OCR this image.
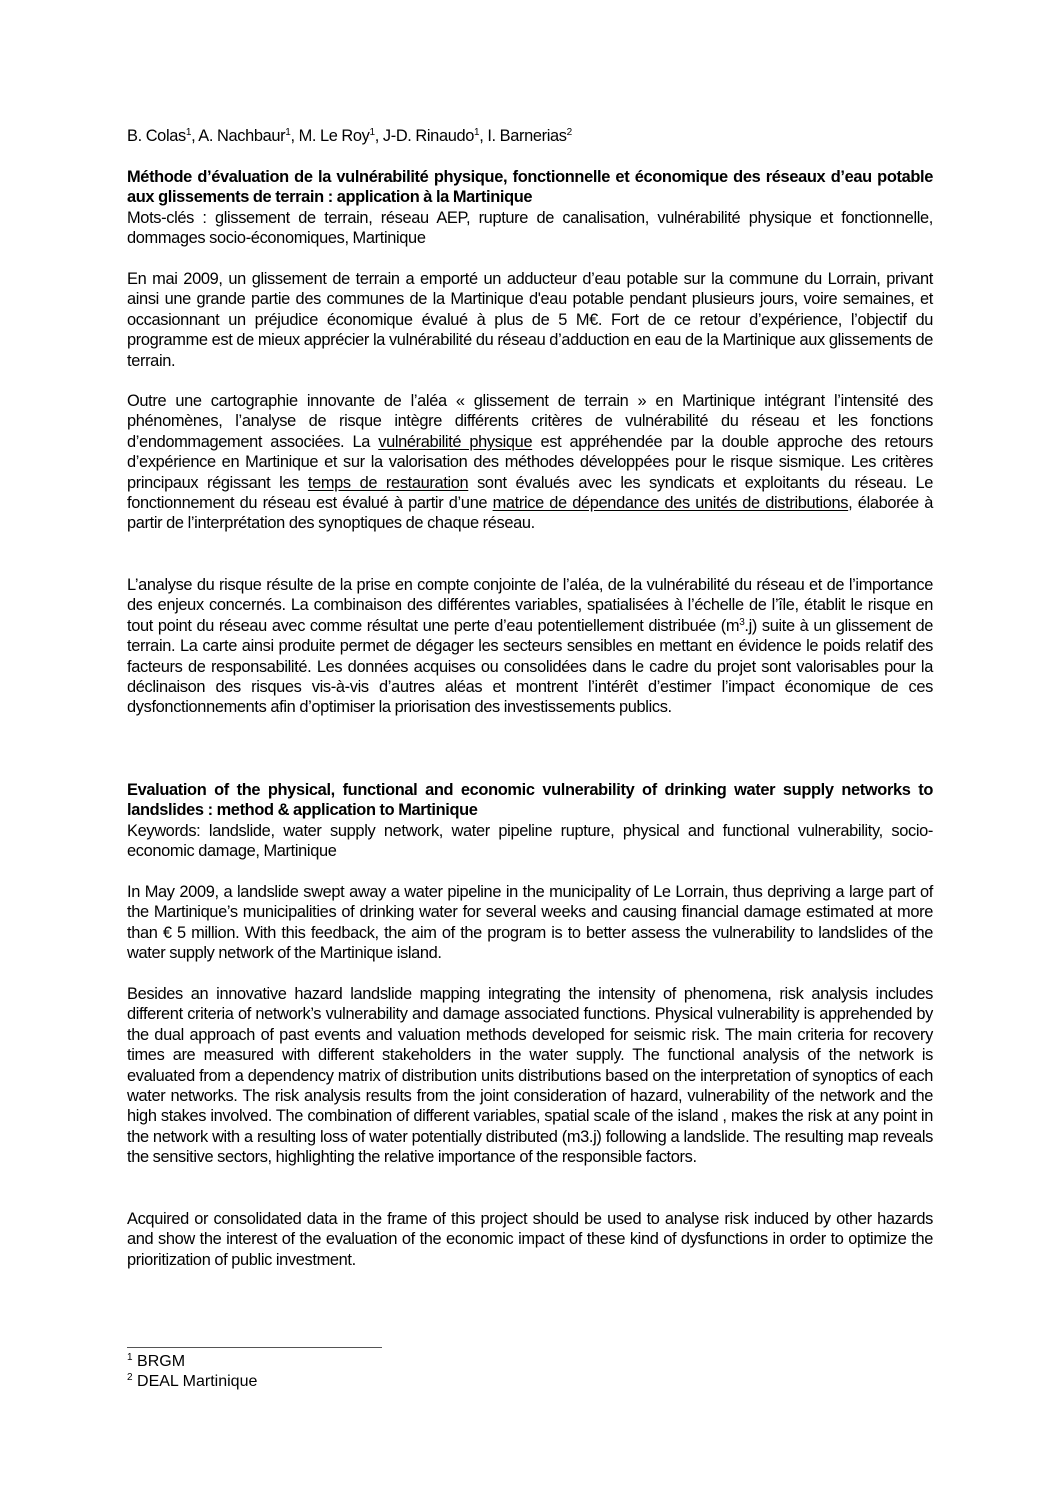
B. Colas$^1$, A. Nachbaur$^1$, M. Le Roy$^1$, J-D. Rinaudo$^1$, I. Barnerias$^2$
Méthode d’évaluation de la vulnérabilité physique, fonctionnelle et économique des réseaux d’eau potable aux glissements de terrain : application à la Martinique
Mots-clés : glissement de terrain, réseau AEP, rupture de canalisation, vulnérabilité physique et fonctionnelle, dommages socio-économiques, Martinique
En mai 2009, un glissement de terrain a emporté un adducteur d’eau potable sur la commune du Lorrain, privant ainsi une grande partie des communes de la Martinique d'eau potable pendant plusieurs jours, voire semaines, et occasionnant un préjudice économique évalué à plus de 5 M€. Fort de ce retour d’expérience, l’objectif du programme est de mieux apprécier la vulnérabilité du réseau d’adduction en eau de la Martinique aux glissements de terrain.
Outre une cartographie innovante de l’aléa « glissement de terrain » en Martinique intégrant l’intensité des phénomènes, l’analyse de risque intègre différents critères de vulnérabilité du réseau et les fonctions d’endommagement associées. La vulnérabilité physique est appréhendée par la double approche des retours d’expérience en Martinique et sur la valorisation des méthodes développées pour le risque sismique. Les critères principaux régissant les temps de restauration sont évalués avec les syndicats et exploitants du réseau. Le fonctionnement du réseau est évalué à partir d’une matrice de dépendance des unités de distributions, élaborée à partir de l’interprétation des synoptiques de chaque réseau.
L’analyse du risque résulte de la prise en compte conjointe de l’aléa, de la vulnérabilité du réseau et de l’importance des enjeux concernés. La combinaison des différentes variables, spatialisées à l’échelle de l’île, établit le risque en tout point du réseau avec comme résultat une perte d’eau potentiellement distribuée $(m^3.j)$ suite à un glissement de terrain. La carte ainsi produite permet de dégager les secteurs sensibles en mettant en évidence le poids relatif des facteurs de responsabilité. Les données acquises ou consolidées dans le cadre du projet sont valorisables pour la déclinaison des risques vis-à-vis d’autres aléas et montrent l’intérêt d’estimer l’impact économique de ces dysfonctionnements afin d’optimiser la priorisation des investissements publics.
Evaluation of the physical, functional and economic vulnerability of drinking water supply networks to landslides : method & application to Martinique
Keywords: landslide, water supply network, water pipeline rupture, physical and functional vulnerability, socio-economic damage, Martinique
In May 2009, a landslide swept away a water pipeline in the municipality of Le Lorrain, thus depriving a large part of the Martinique’s municipalities of drinking water for several weeks and causing financial damage estimated at more than € 5 million. With this feedback, the aim of the program is to better assess the vulnerability to landslides of the water supply network of the Martinique island.
Besides an innovative hazard landslide mapping integrating the intensity of phenomena, risk analysis includes different criteria of network’s vulnerability and damage associated functions. Physical vulnerability is apprehended by the dual approach of past events and valuation methods developed for seismic risk. The main criteria for recovery times are measured with different stakeholders in the water supply. The functional analysis of the network is evaluated from a dependency matrix of distribution units distributions based on the interpretation of synoptics of each water networks. The risk analysis results from the joint consideration of hazard, vulnerability of the network and the high stakes involved. The combination of different variables, spatial scale of the island , makes the risk at any point in the network with a resulting loss of water potentially distributed (m3.j) following a landslide. The resulting map reveals the sensitive sectors, highlighting the relative importance of the responsible factors.
Acquired or consolidated data in the frame of this project should be used to analyse risk induced by other hazards and show the interest of the evaluation of the economic impact of these kind of dysfunctions in order to optimize the prioritization of public investment.
$^1$ BRGM
$^2$ DEAL Martinique
